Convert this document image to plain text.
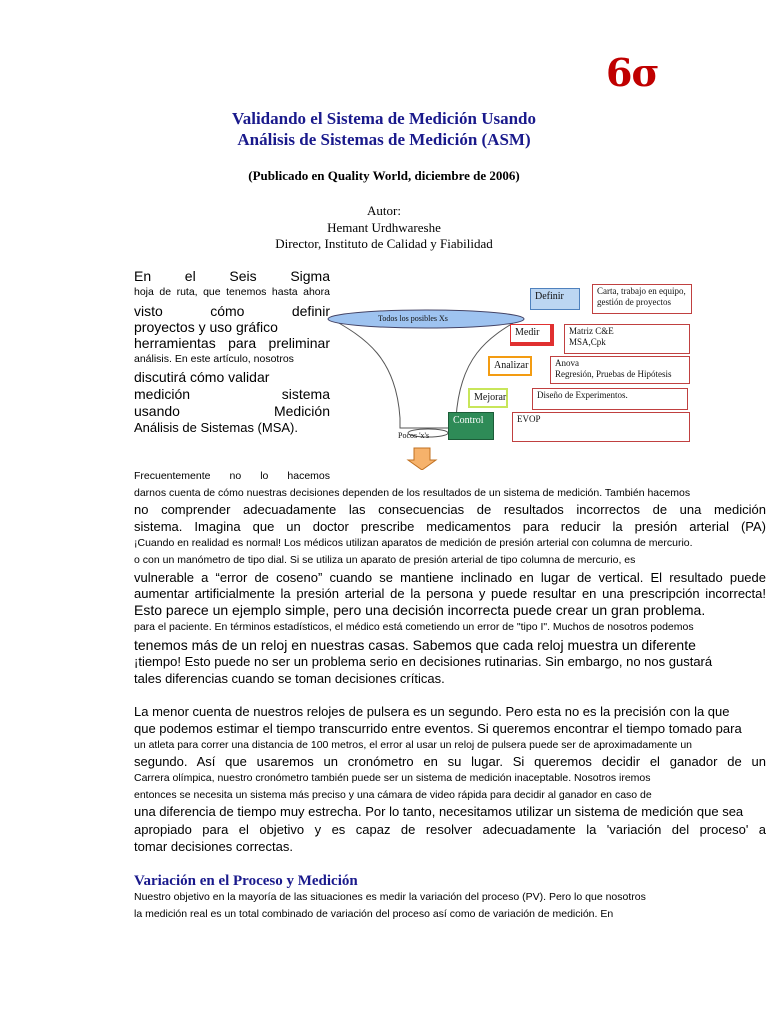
6σ
Validando el Sistema de Medición Usando
Análisis de Sistemas de Medición (ASM)
(Publicado en Quality World, diciembre de 2006)
Autor:
Hemant Urdhwareshe
Director, Instituto de Calidad y Fiabilidad
En el Seis Sigma
hoja de ruta, que tenemos hasta ahora
visto cómo definir
proyectos y uso gráfico
herramientas para preliminar
análisis. En este artículo, nosotros
discutirá cómo validar
medición sistema
usando Medición
Análisis de Sistemas (MSA).
Todos los posibles Xs
Pocos 'x's
Definir	Carta, trabajo en equipo, gestión de proyectos
Medir	Matriz C&E
MSA,Cpk
Analizar	Anova
Regresión, Pruebas de Hipótesis
Mejorar	Diseño de Experimentos.
Control	EVOP
Frecuentemente no lo hacemos
darnos cuenta de cómo nuestras decisiones dependen de los resultados de un sistema de medición. También hacemos
no comprender adecuadamente las consecuencias de resultados incorrectos de una medición
sistema. Imagina que un doctor prescribe medicamentos para reducir la presión arterial (PA)
¡Cuando en realidad es normal! Los médicos utilizan aparatos de medición de presión arterial con columna de mercurio.
o con un manómetro de tipo dial. Si se utiliza un aparato de presión arterial de tipo columna de mercurio, es
vulnerable a “error de coseno” cuando se mantiene inclinado en lugar de vertical. El resultado puede
aumentar artificialmente la presión arterial de la persona y puede resultar en una prescripción incorrecta!
Esto parece un ejemplo simple, pero una decisión incorrecta puede crear un gran problema.
para el paciente. En términos estadísticos, el médico está cometiendo un error de "tipo I". Muchos de nosotros podemos
tenemos más de un reloj en nuestras casas. Sabemos que cada reloj muestra un diferente
¡tiempo! Esto puede no ser un problema serio en decisiones rutinarias. Sin embargo, no nos gustará
tales diferencias cuando se toman decisiones críticas.
La menor cuenta de nuestros relojes de pulsera es un segundo. Pero esta no es la precisión con la que
que podemos estimar el tiempo transcurrido entre eventos. Si queremos encontrar el tiempo tomado para
un atleta para correr una distancia de 100 metros, el error al usar un reloj de pulsera puede ser de aproximadamente un
segundo. Así que usaremos un cronómetro en su lugar. Si queremos decidir el ganador de un
Carrera olímpica, nuestro cronómetro también puede ser un sistema de medición inaceptable. Nosotros iremos
entonces se necesita un sistema más preciso y una cámara de video rápida para decidir al ganador en caso de
una diferencia de tiempo muy estrecha. Por lo tanto, necesitamos utilizar un sistema de medición que sea
apropiado para el objetivo y es capaz de resolver adecuadamente la 'variación del proceso' a
tomar decisiones correctas.
Variación en el Proceso y Medición
Nuestro objetivo en la mayoría de las situaciones es medir la variación del proceso (PV). Pero lo que nosotros
la medición real es un total combinado de variación del proceso así como de variación de medición. En
